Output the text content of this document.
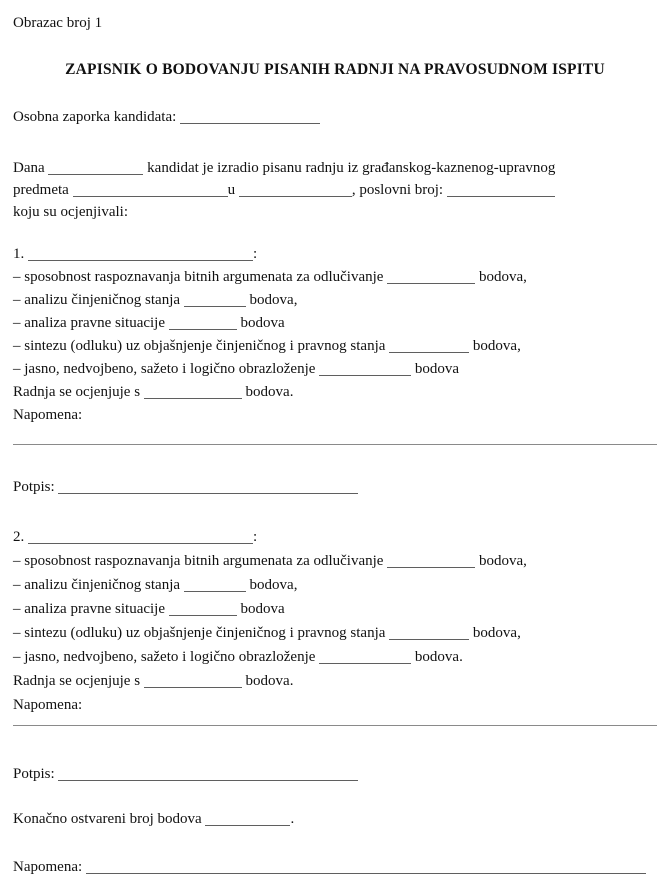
Obrazac broj 1
ZAPISNIK O BODOVANJU PISANIH RADNJI NA PRAVOSUDNOM ISPITU
Osobna zaporka kandidata:
Dana	kandidat je izradio pisanu radnju iz građanskog-kaznenog-upravnog
predmeta	u	, poslovni broj:
koju su ocjenjivali:
1.	:
– sposobnost raspoznavanja bitnih argumenata za odlučivanje	bodova,
– analizu činjeničnog stanja	bodova,
– analiza pravne situacije	bodova
– sintezu (odluku) uz objašnjenje činjeničnog i pravnog stanja	bodova,
– jasno, nedvojbeno, sažeto i logično obrazloženje	bodova
Radnja se ocjenjuje s	bodova.
Napomena:
Potpis:
2.	:
– sposobnost raspoznavanja bitnih argumenata za odlučivanje	bodova,
– analizu činjeničnog stanja	bodova,
– analiza pravne situacije	bodova
– sintezu (odluku) uz objašnjenje činjeničnog i pravnog stanja	bodova,
– jasno, nedvojbeno, sažeto i logično obrazloženje	bodova.
Radnja se ocjenjuje s	bodova.
Napomena:
Potpis:
Konačno ostvareni broj bodova	.
Napomena:
